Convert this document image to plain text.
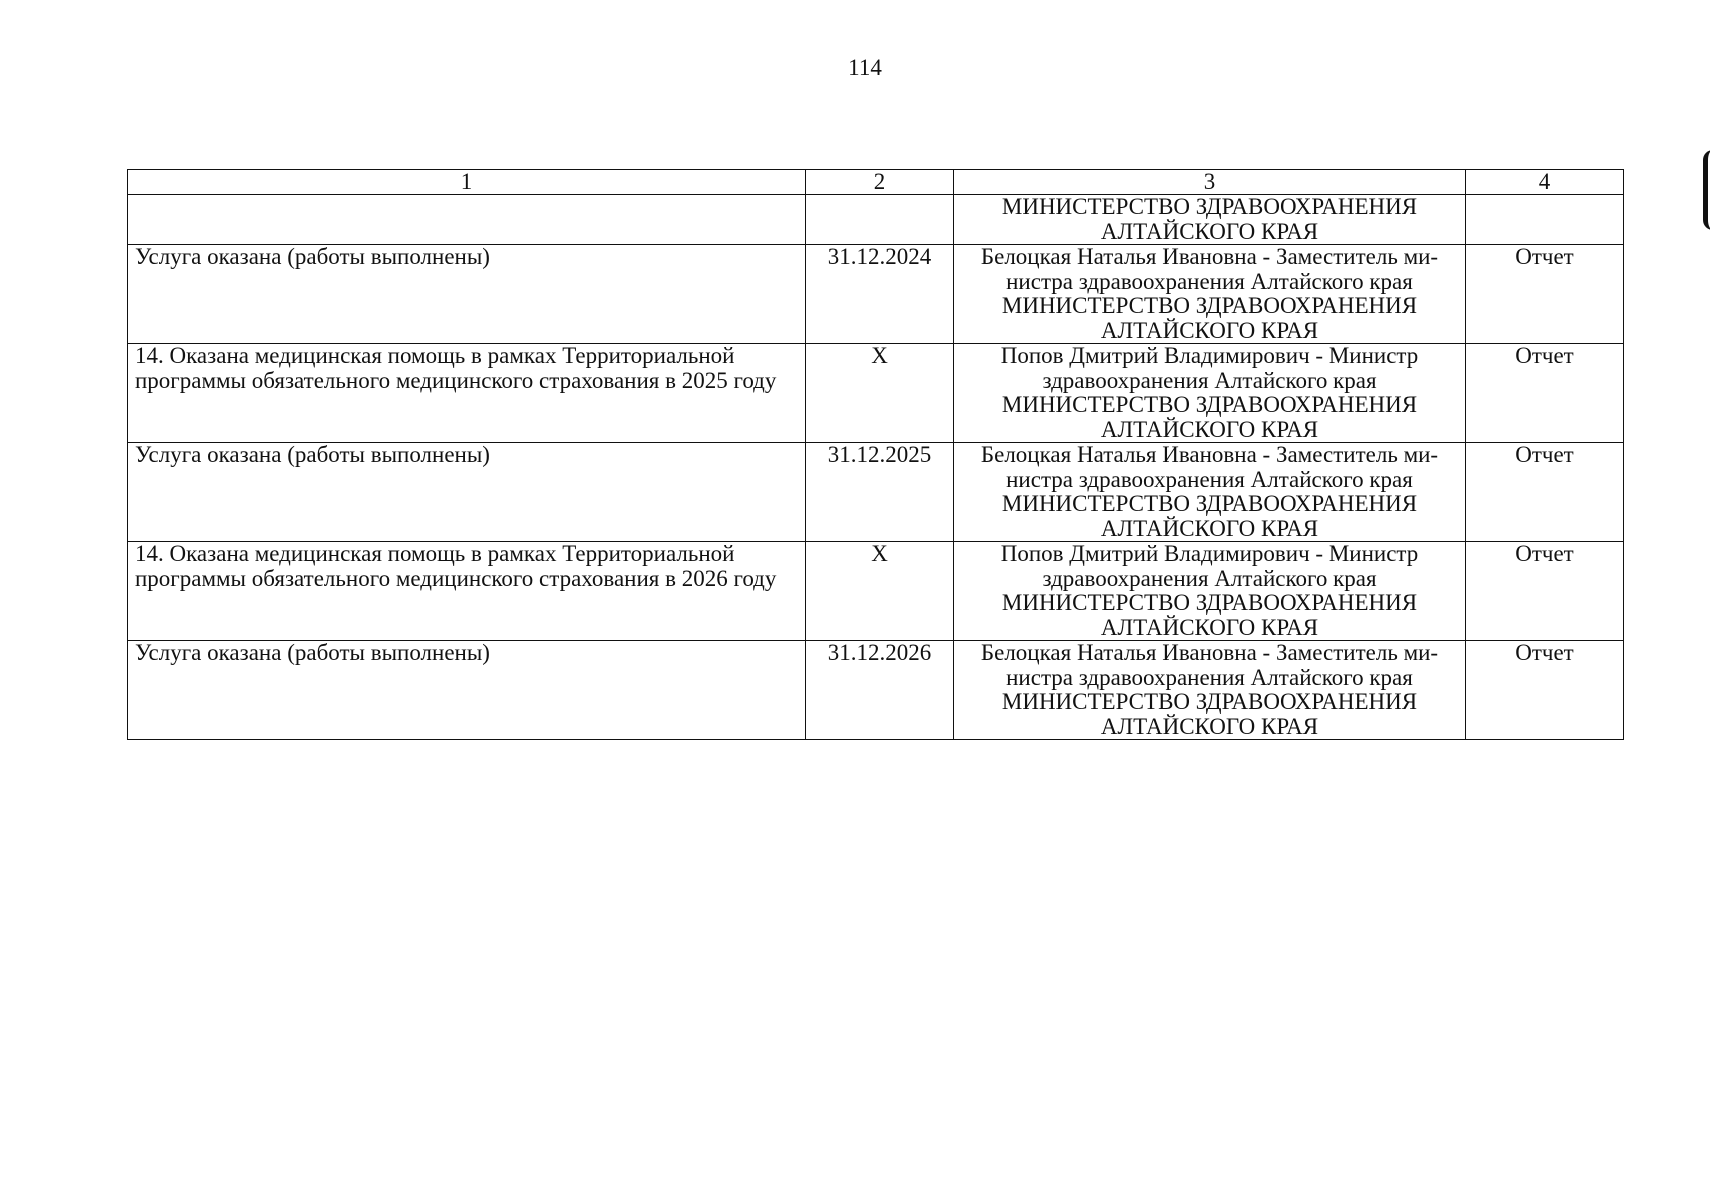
114
1	2	3	4

		МИНИСТЕРСТВО ЗДРАВООХРАНЕНИЯ
АЛТАЙСКОГО КРАЯ	

Услуга оказана (работы выполнены)	31.12.2024	Белоцкая Наталья Ивановна - Заместитель ми-
нистра здравоохранения Алтайского края
МИНИСТЕРСТВО ЗДРАВООХРАНЕНИЯ
АЛТАЙСКОГО КРАЯ	Отчет
14. Оказана медицинская помощь в рамках Территориальной программы обязательного медицинского страхования в 2025 году	X	Попов Дмитрий Владимирович - Министр
здравоохранения Алтайского края
МИНИСТЕРСТВО ЗДРАВООХРАНЕНИЯ
АЛТАЙСКОГО КРАЯ	Отчет
Услуга оказана (работы выполнены)	31.12.2025	Белоцкая Наталья Ивановна - Заместитель ми-
нистра здравоохранения Алтайского края
МИНИСТЕРСТВО ЗДРАВООХРАНЕНИЯ
АЛТАЙСКОГО КРАЯ	Отчет
14. Оказана медицинская помощь в рамках Территориальной программы обязательного медицинского страхования в 2026 году	X	Попов Дмитрий Владимирович - Министр
здравоохранения Алтайского края
МИНИСТЕРСТВО ЗДРАВООХРАНЕНИЯ
АЛТАЙСКОГО КРАЯ	Отчет
Услуга оказана (работы выполнены)	31.12.2026	Белоцкая Наталья Ивановна - Заместитель ми-
нистра здравоохранения Алтайского края
МИНИСТЕРСТВО ЗДРАВООХРАНЕНИЯ
АЛТАЙСКОГО КРАЯ	Отчет
